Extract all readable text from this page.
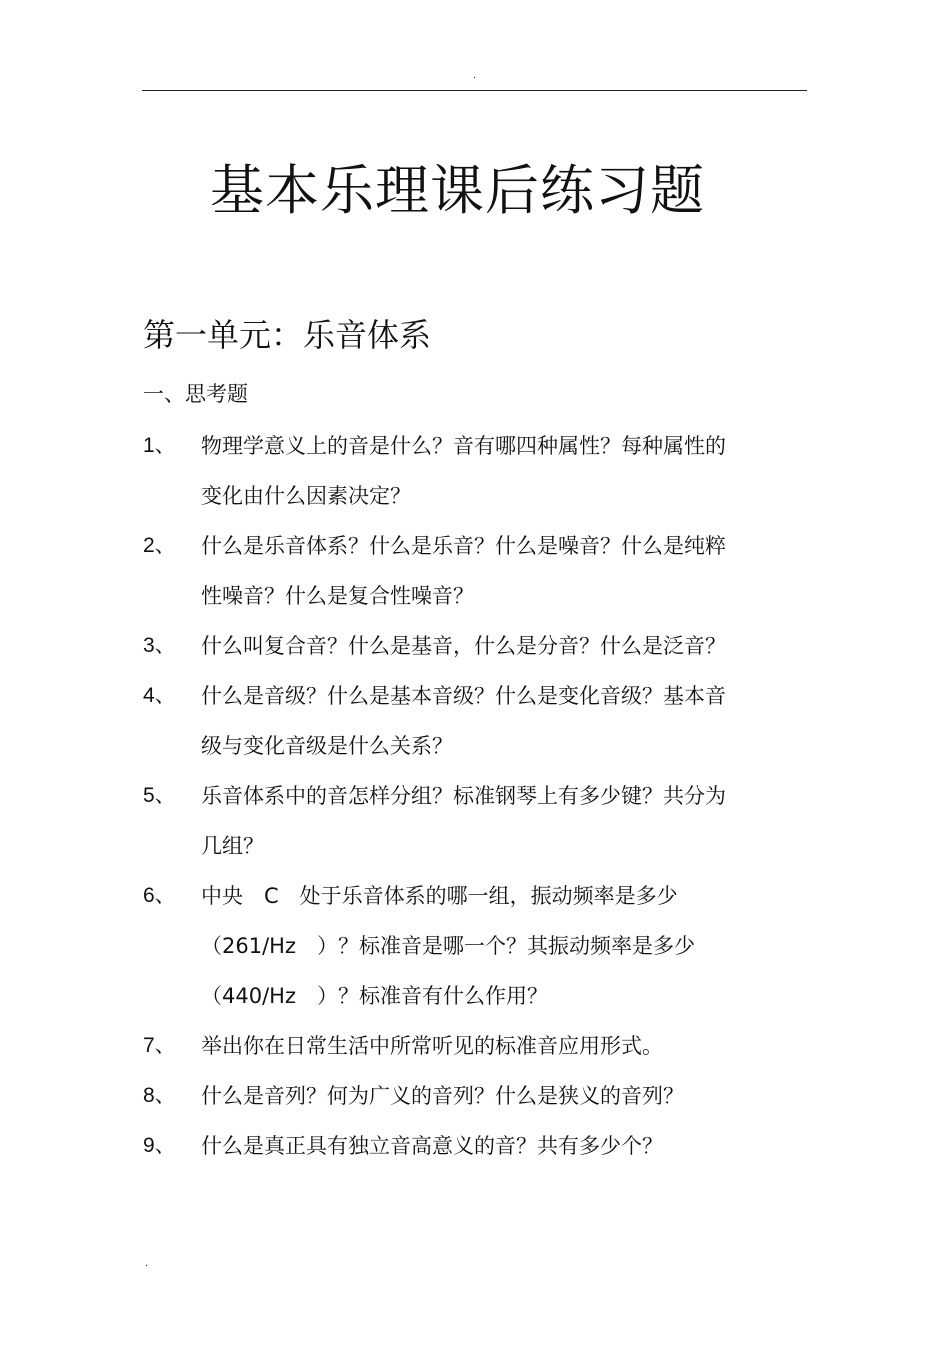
.
基本乐理课后练习题
第一单元：乐音体系
一、思考题
1、	物理学意义上的音是什么？音有哪四种属性？每种属性的变化由什么因素决定？
2、	什么是乐音体系？什么是乐音？什么是噪音？什么是纯粹性噪音？什么是复合性噪音？
3、	什么叫复合音？什么是基音，什么是分音？什么是泛音？
4、	什么是音级？什么是基本音级？什么是变化音级？基本音级与变化音级是什么关系？
5、	乐音体系中的音怎样分组？标准钢琴上有多少键？共分为几组？
6、	中央　C　处于乐音体系的哪一组，振动频率是多少（261/Hz　）？标准音是哪一个？其振动频率是多少（440/Hz　）？标准音有什么作用？
7、	举出你在日常生活中所常听见的标准音应用形式。
8、	什么是音列？何为广义的音列？什么是狭义的音列？
9、	什么是真正具有独立音高意义的音？共有多少个？
.
